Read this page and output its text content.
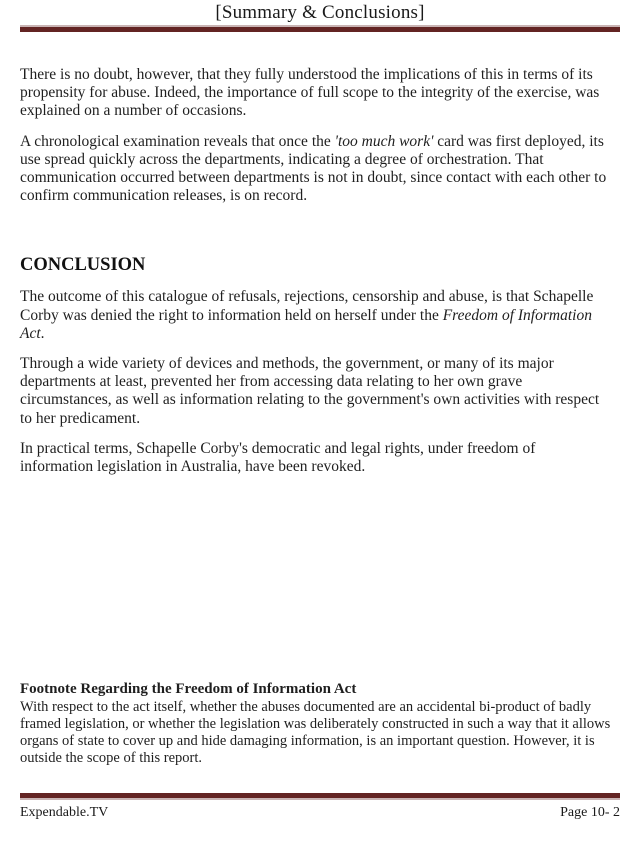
[Summary & Conclusions]

There is no doubt, however, that they fully understood the implications of this in terms of its propensity for abuse. Indeed, the importance of full scope to the integrity of the exercise, was explained on a number of occasions.

A chronological examination reveals that once the 'too much work' card was first deployed, its use spread quickly across the departments, indicating a degree of orchestration. That communication occurred between departments is not in doubt, since contact with each other to confirm communication releases, is on record.

CONCLUSION

The outcome of this catalogue of refusals, rejections, censorship and abuse, is that Schapelle Corby was denied the right to information held on herself under the Freedom of Information Act.

Through a wide variety of devices and methods, the government, or many of its major departments at least, prevented her from accessing data relating to her own grave circumstances, as well as information relating to the government's own activities with respect to her predicament.

In practical terms, Schapelle Corby's democratic and legal rights, under freedom of information legislation in Australia, have been revoked.

Footnote Regarding the Freedom of Information Act
With respect to the act itself, whether the abuses documented are an accidental bi-product of badly framed legislation, or whether the legislation was deliberately constructed in such a way that it allows organs of state to cover up and hide damaging information, is an important question. However, it is outside the scope of this report.
Expendable.TV	Page 10- 2
